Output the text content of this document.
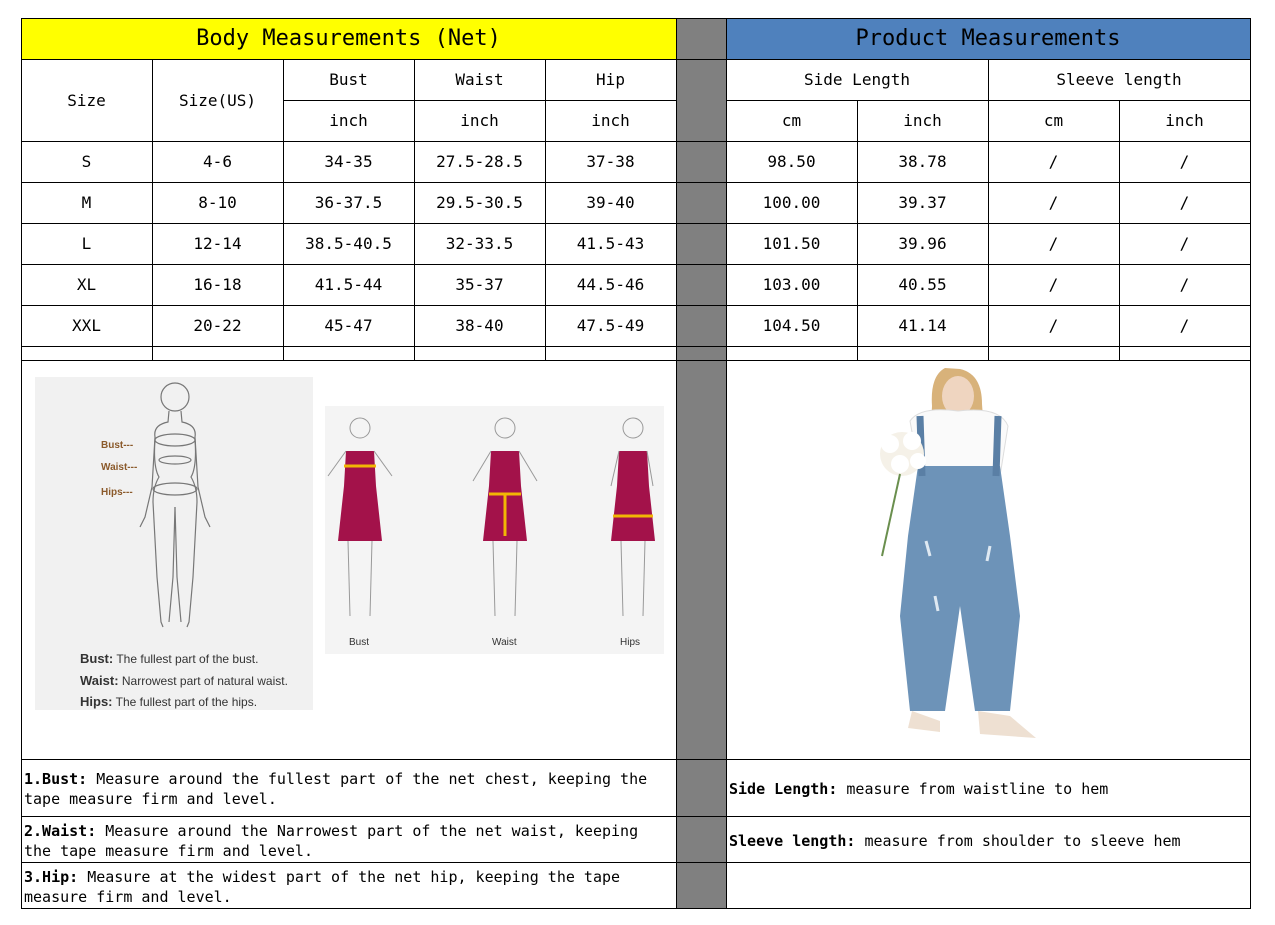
Body Measurements (Net)	Product Measurements
Size	Size(US)
Bust	Waist	Hip	Side Length	Sleeve length
inch	inch	inch	cm	inch	cm	inch
S	4-6	34-35	27.5-28.5	37-38	98.50	38.78	/	/
M	8-10	36-37.5	29.5-30.5	39-40	100.00	39.37	/	/
L	12-14	38.5-40.5	32-33.5	41.5-43	101.50	39.96	/	/
XL	16-18	41.5-44	35-37	44.5-46	103.00	40.55	/	/
XXL	20-22	45-47	38-40	47.5-49	104.50	41.14	/	/
Bust---
Waist---
Hips---
Bust: The fullest part of the bust.
Waist: Narrowest part of natural waist.
Hips: The fullest part of the hips.
Bust	Waist	Hips
1.Bust: Measure around the fullest part of the net chest, keeping the tape measure firm and level.
2.Waist: Measure around the Narrowest part of the net waist, keeping the tape measure firm and level.
3.Hip: Measure at the widest part of the net hip, keeping the tape measure firm and level.
Side Length: measure from waistline to hem
Sleeve length: measure from shoulder to sleeve hem
